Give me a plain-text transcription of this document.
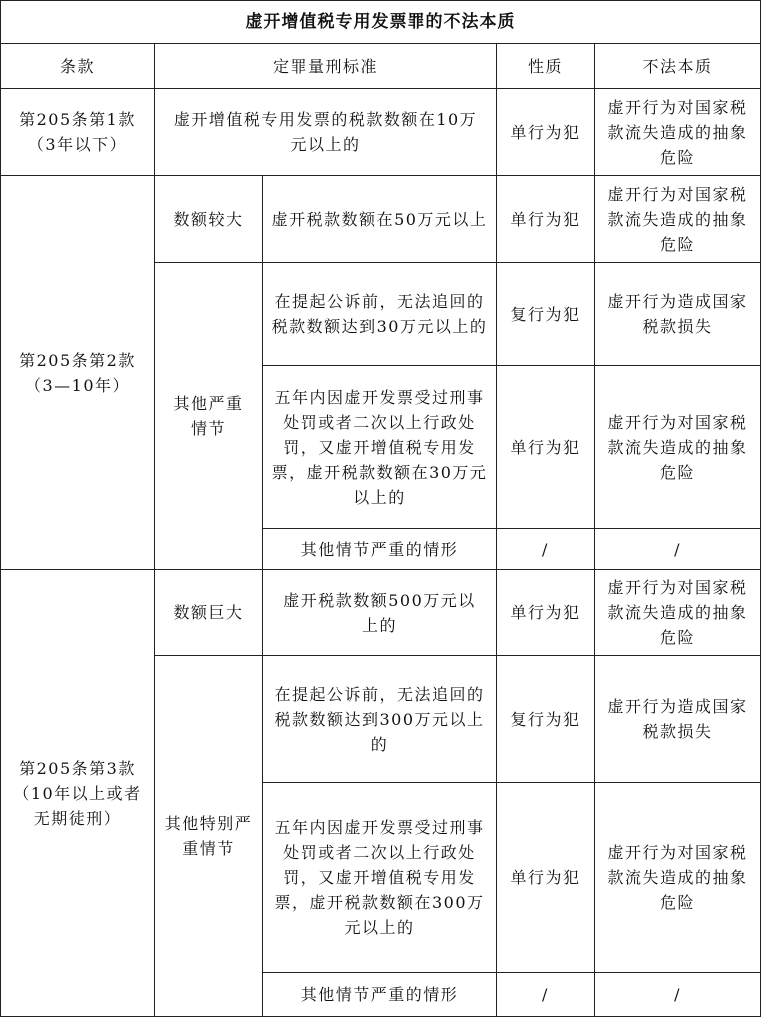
虚开增值税专用发票罪的不法本质				
条款	定罪量刑标准		性质	不法本质
第205条第1款（3年以下）	虚开增值税专用发票的税款数额在10万元以上的		单行为犯	虚开行为对国家税款流失造成的抽象危险
第205条第2款（3—10年）	数额较大	虚开税款数额在50万元以上	单行为犯	虚开行为对国家税款流失造成的抽象危险
	其他严重情节	在提起公诉前，无法追回的税款数额达到30万元以上的	复行为犯	虚开行为造成国家税款损失
		五年内因虚开发票受过刑事处罚或者二次以上行政处罚，又虚开增值税专用发票，虚开税款数额在30万元以上的	单行为犯	虚开行为对国家税款流失造成的抽象危险
		其他情节严重的情形	/	/
第205条第3款（10年以上或者无期徒刑）	数额巨大	虚开税款数额500万元以上的	单行为犯	虚开行为对国家税款流失造成的抽象危险
	其他特别严重情节	在提起公诉前，无法追回的税款数额达到300万元以上的	复行为犯	虚开行为造成国家税款损失
		五年内因虚开发票受过刑事处罚或者二次以上行政处罚，又虚开增值税专用发票，虚开税款数额在300万元以上的	单行为犯	虚开行为对国家税款流失造成的抽象危险
		其他情节严重的情形	/	/
